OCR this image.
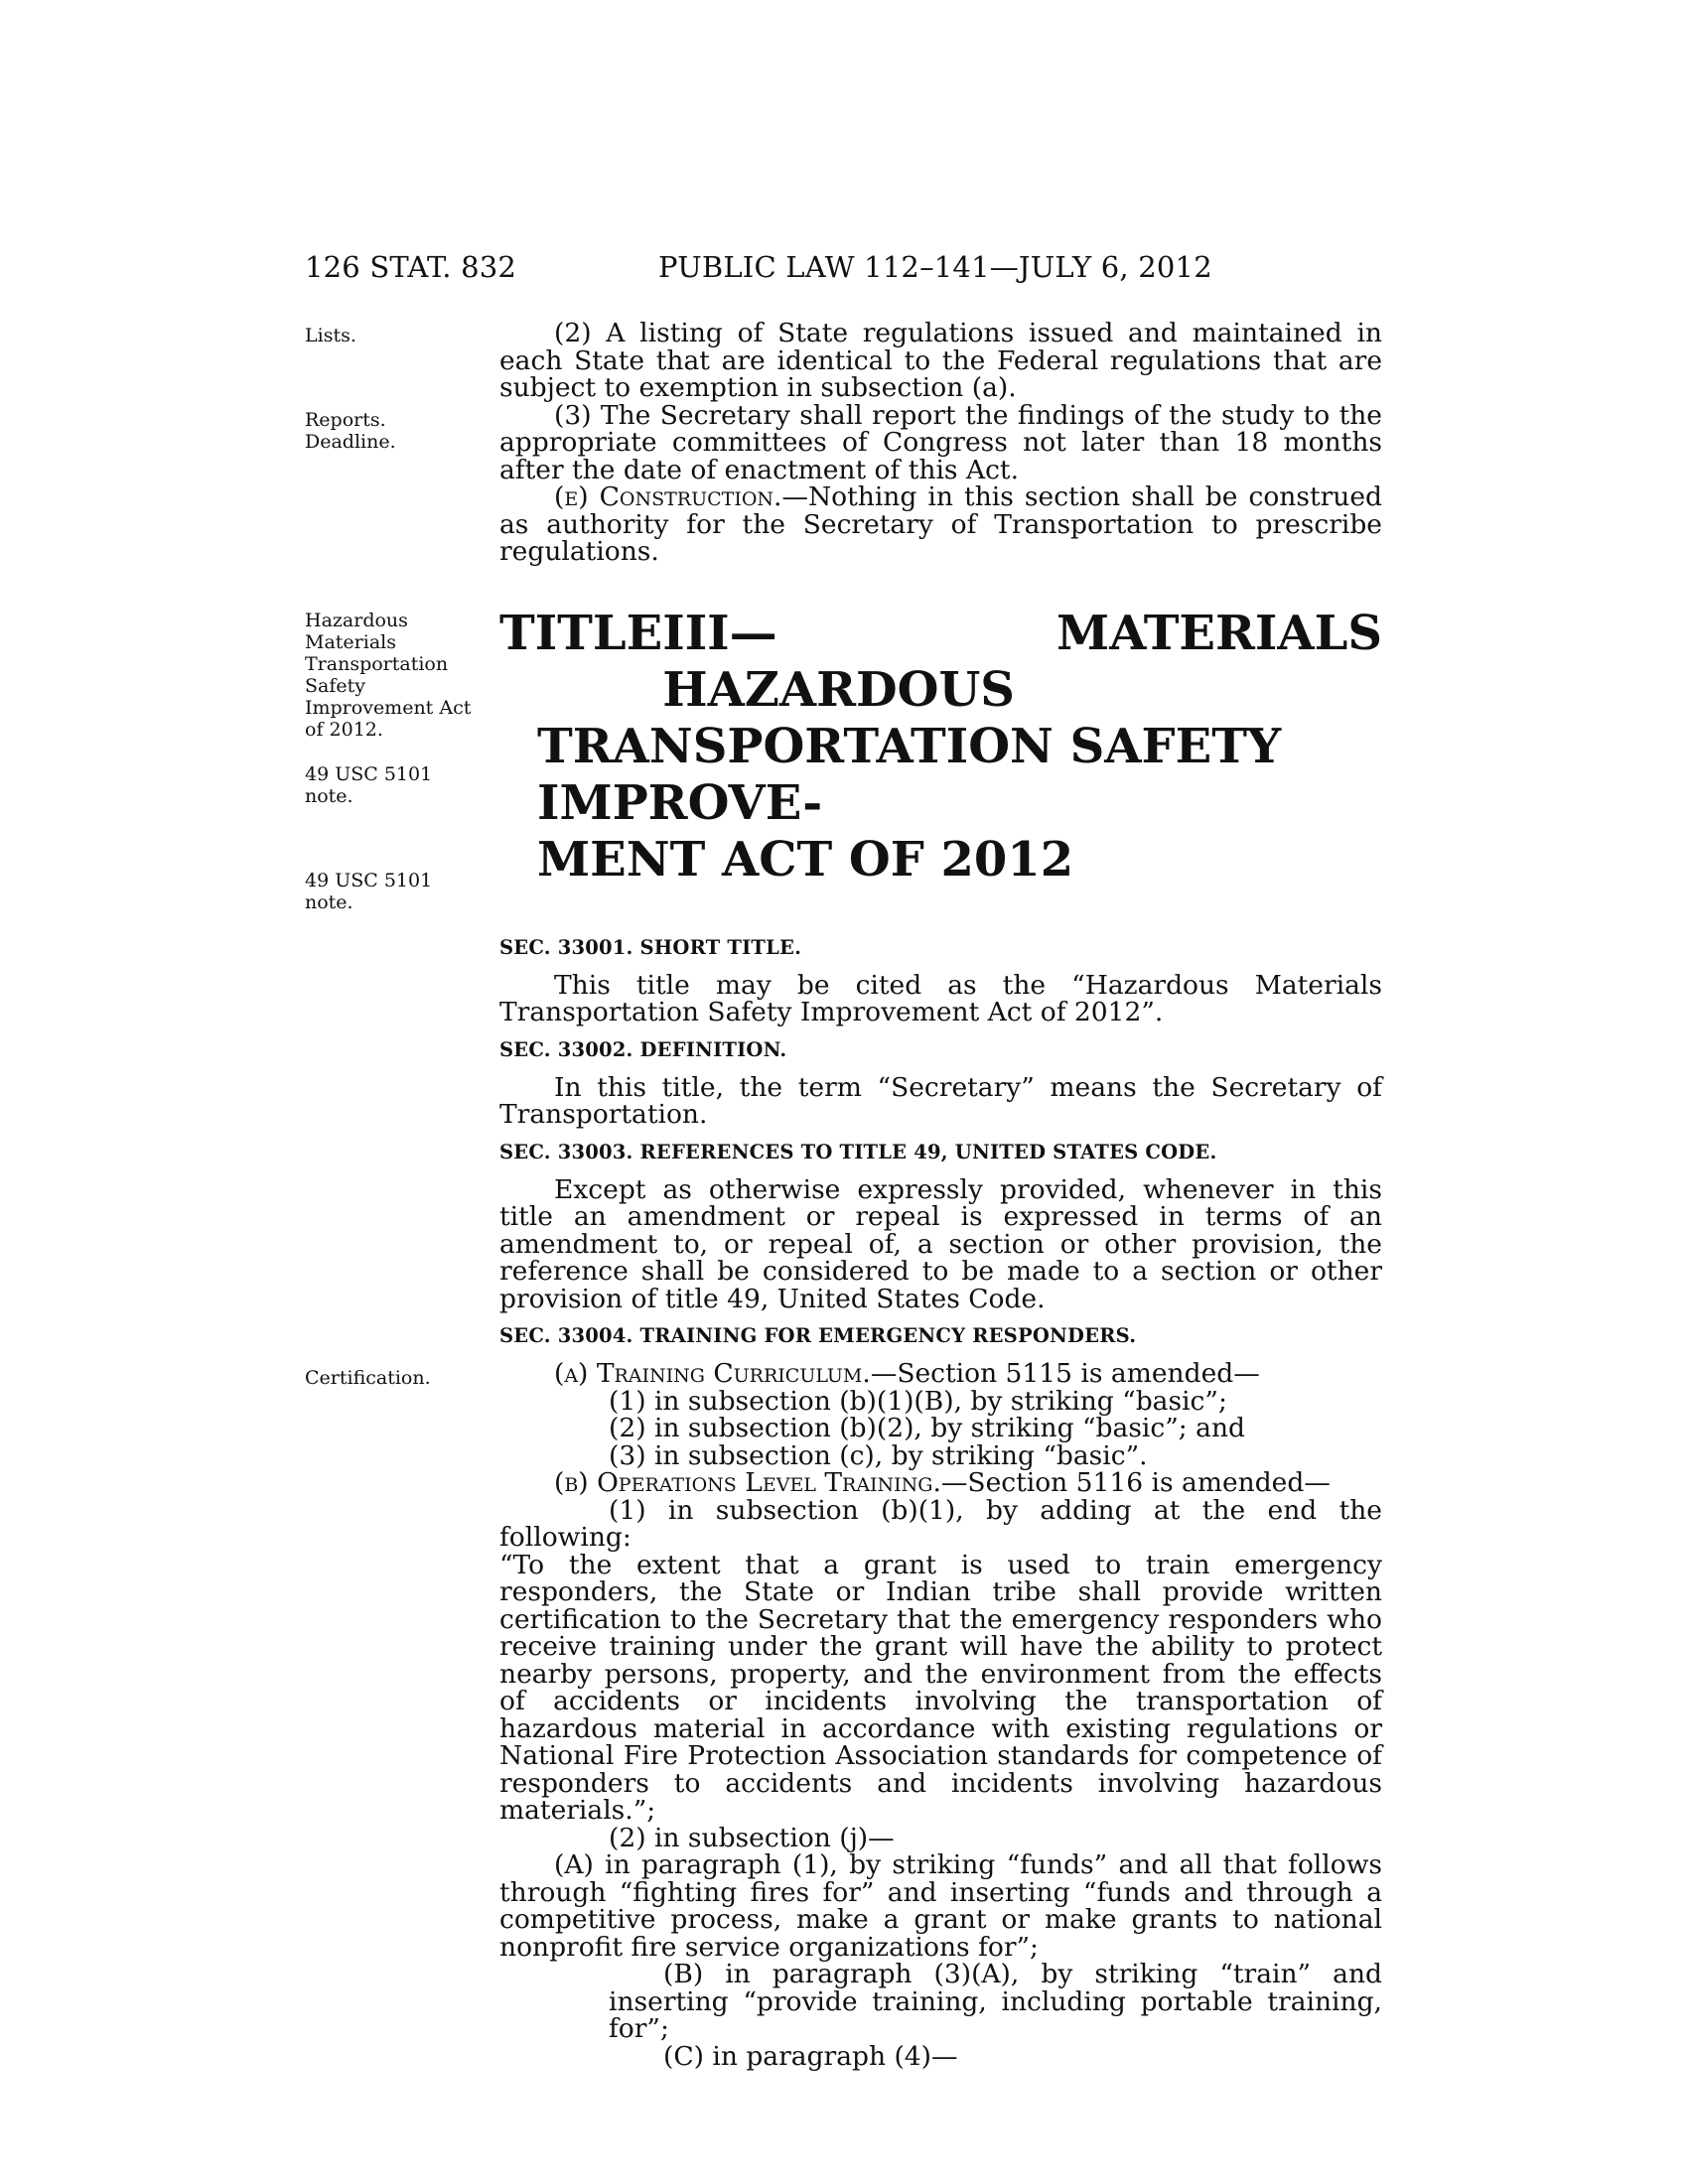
126 STAT. 832	PUBLIC LAW 112–141—JULY 6, 2012
Lists.
Reports.
Deadline.
Hazardous Materials Transportation Safety Improvement Act of 2012.
49 USC 5101 note.
49 USC 5101 note.
Certification.

(2) A listing of State regulations issued and maintained in each State that are identical to the Federal regulations that are subject to exemption in subsection (a).

(3) The Secretary shall report the findings of the study to the appropriate committees of Congress not later than 18 months after the date of enactment of this Act.

(e) Construction.—Nothing in this section shall be construed as authority for the Secretary of Transportation to prescribe regulations.

TITLE III—HAZARDOUS
MATERIALS
TRANSPORTATION SAFETY IMPROVE-
MENT ACT OF 2012
SEC. 33001. SHORT TITLE.

This title may be cited as the “Hazardous Materials Transportation Safety Improvement Act of 2012”.

SEC. 33002. DEFINITION.

In this title, the term “Secretary” means the Secretary of Transportation.

SEC. 33003. REFERENCES TO TITLE 49, UNITED STATES CODE.

Except as otherwise expressly provided, whenever in this title an amendment or repeal is expressed in terms of an amendment to, or repeal of, a section or other provision, the reference shall be considered to be made to a section or other provision of title 49, United States Code.

SEC. 33004. TRAINING FOR EMERGENCY RESPONDERS.

(a) Training Curriculum.—Section 5115 is amended—

(1) in subsection (b)(1)(B), by striking “basic”;

(2) in subsection (b)(2), by striking “basic”; and

(3) in subsection (c), by striking “basic”.

(b) Operations Level Training.—Section 5116 is amended—

(1) in subsection (b)(1), by adding at the end the following:

“To the extent that a grant is used to train emergency responders, the State or Indian tribe shall provide written certification to the Secretary that the emergency responders who receive training under the grant will have the ability to protect nearby persons, property, and the environment from the effects of accidents or incidents involving the transportation of hazardous material in accordance with existing regulations or National Fire Protection Association standards for competence of responders to accidents and incidents involving hazardous materials.”;

(2) in subsection (j)—

(A) in paragraph (1), by striking “funds” and all that follows through “fighting fires for” and inserting “funds and through a competitive process, make a grant or make grants to national nonprofit fire service organizations for”;

(B) in paragraph (3)(A), by striking “train” and inserting “provide training, including portable training, for”;

(C) in paragraph (4)—
